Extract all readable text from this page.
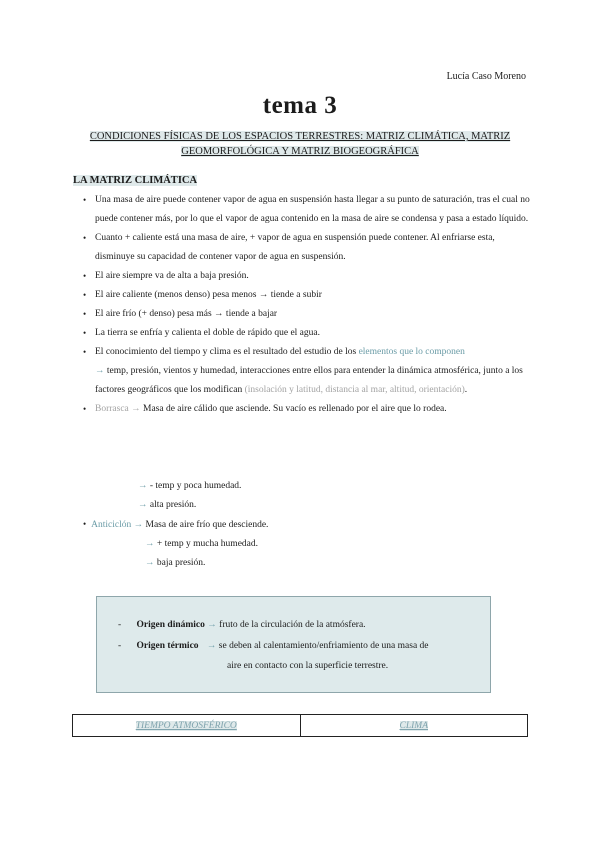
Lucía Caso Moreno
tema 3
CONDICIONES FÍSICAS DE LOS ESPACIOS TERRESTRES: MATRIZ CLIMÁTICA, MATRIZ GEOMORFOLÓGICA Y MATRIZ BIOGEOGRÁFICA
LA MATRIZ CLIMÁTICA
• Una masa de aire puede contener vapor de agua en suspensión hasta llegar a su punto de saturación, tras el cual no puede contener más, por lo que el vapor de agua contenido en la masa de aire se condensa y pasa a estado líquido.
• Cuanto + caliente está una masa de aire, + vapor de agua en suspensión puede contener. Al enfriarse esta, disminuye su capacidad de contener vapor de agua en suspensión.
• El aire siempre va de alta a baja presión.
• El aire caliente (menos denso) pesa menos → tiende a subir
• El aire frío (+ denso) pesa más → tiende a bajar
• La tierra se enfría y calienta el doble de rápido que el agua.
• El conocimiento del tiempo y clima es el resultado del estudio de los elementos que lo componen
→ temp, presión, vientos y humedad, interacciones entre ellos para entender la dinámica atmosférica, junto a los factores geográficos que los modifican (insolación y latitud, distancia al mar, altitud, orientación).
• Borrasca → Masa de aire cálido que asciende. Su vacío es rellenado por el aire que lo rodea.
→ - temp y poca humedad.
→ alta presión.
• Anticiclón → Masa de aire frío que desciende.
→ + temp y mucha humedad.
→ baja presión.
- Origen dinámico → fruto de la circulación de la atmósfera.
- Origen térmico → se deben al calentamiento/enfriamiento de una masa de
aire en contacto con la superficie terrestre.
TIEMPO ATMOSFÉRICO	CLIMA
